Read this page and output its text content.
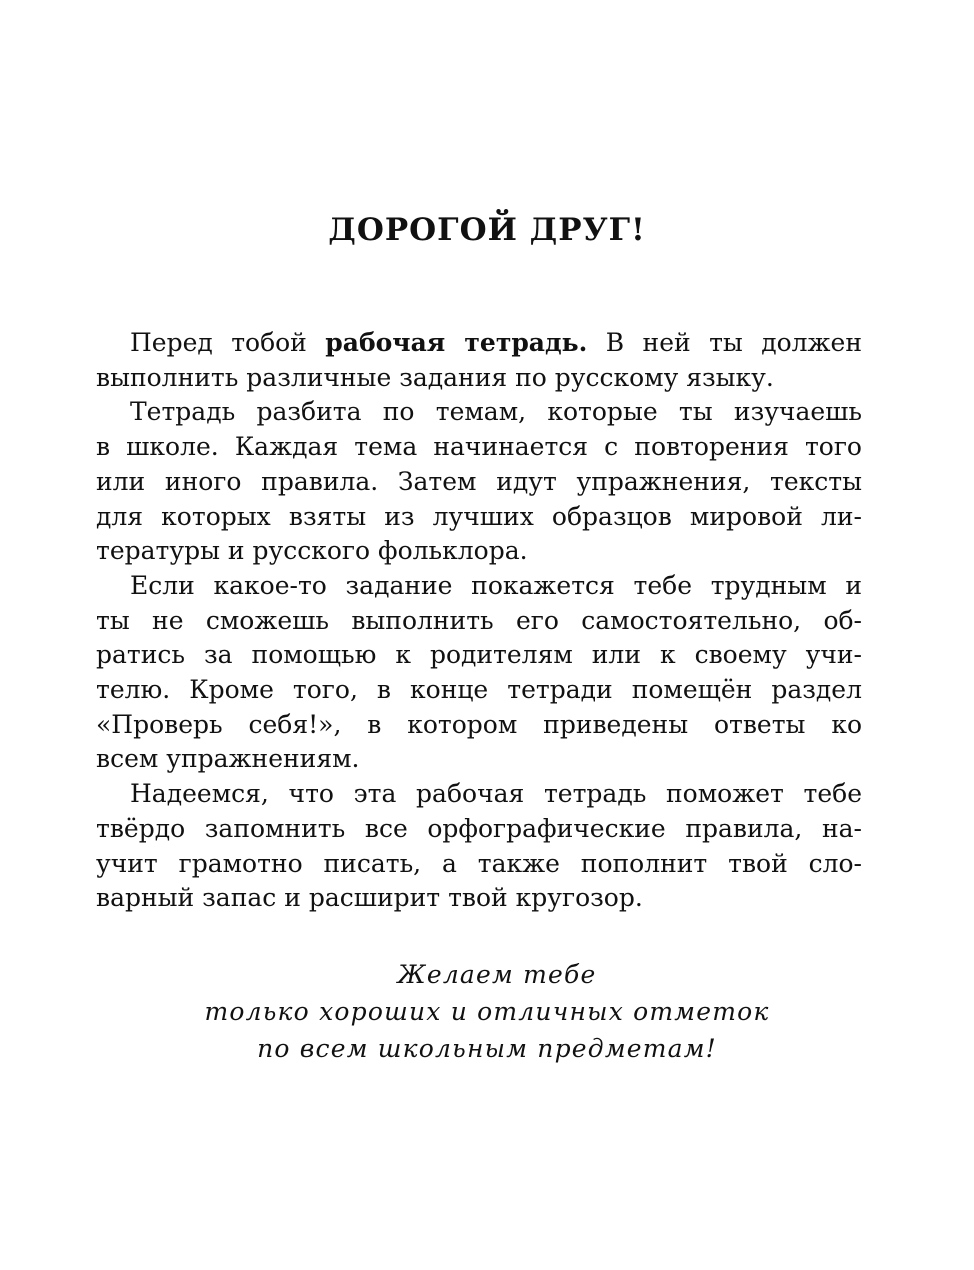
ДОРОГОЙ ДРУГ!

Перед тобой рабочая тетрадь. В ней ты должен
выполнить различные задания по русскому языку.

Тетрадь разбита по темам, которые ты изучаешь
в школе. Каждая тема начинается с повторения того
или иного правила. Затем идут упражнения, тексты
для которых взяты из лучших образцов мировой ли-
тературы и русского фольклора.

Если какое-то задание покажется тебе трудным и
ты не сможешь выполнить его самостоятельно, об-
ратись за помощью к родителям или к своему учи-
телю. Кроме того, в конце тетради помещён раздел
«Проверь себя!», в котором приведены ответы ко
всем упражнениям.

Надеемся, что эта рабочая тетрадь поможет тебе
твёрдо запомнить все орфографические правила, на-
учит грамотно писать, а также пополнит твой сло-
варный запас и расширит твой кругозор.

Желаем тебе
только хороших и отличных отметок
по всем школьным предметам!
